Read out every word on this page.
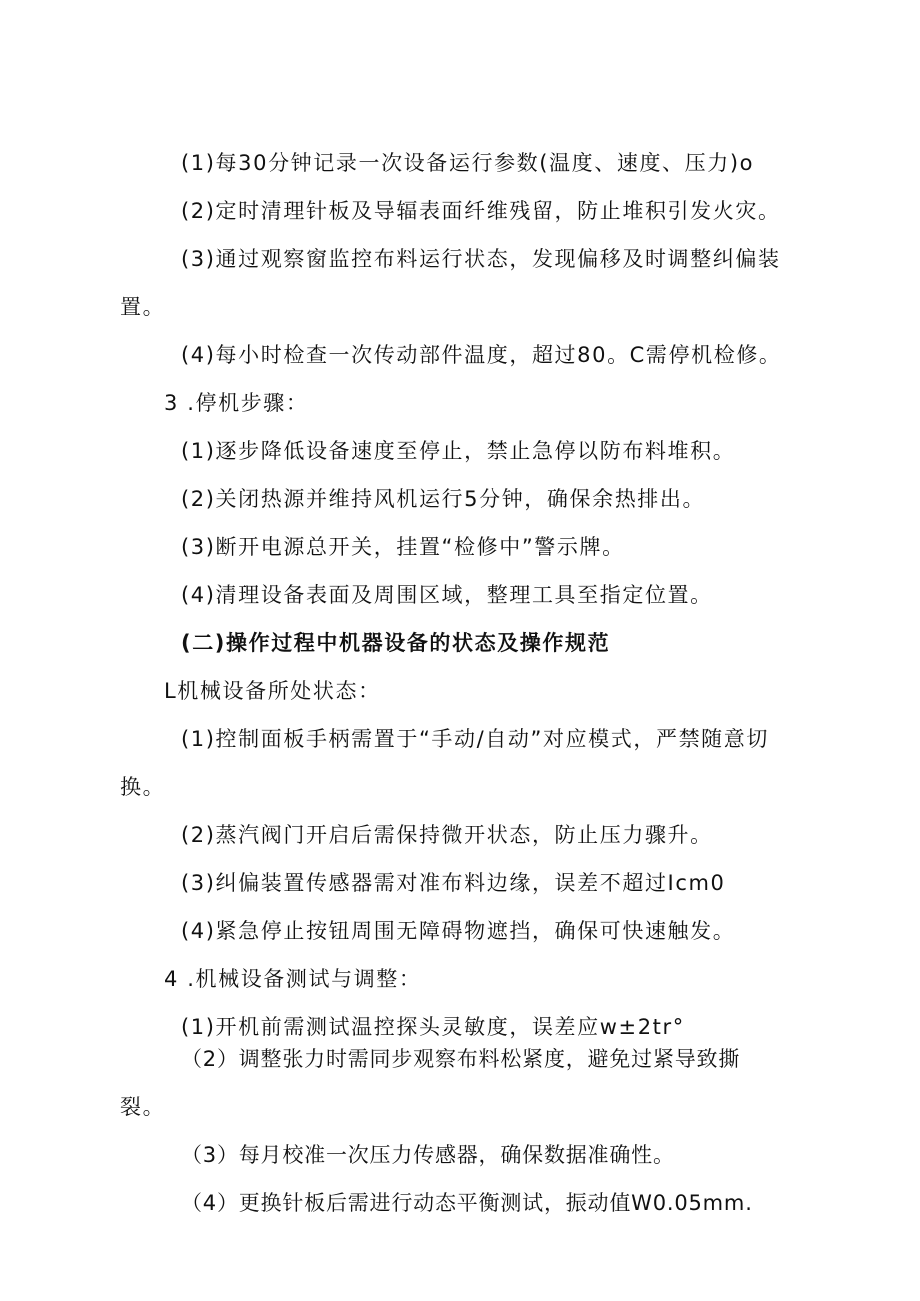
(1)每30分钟记录一次设备运行参数(温度、速度、压力)o
(2)定时清理针板及导辐表面纤维残留，防止堆积引发火灾。
(3)通过观察窗监控布料运行状态，发现偏移及时调整纠偏装
置。
(4)每小时检查一次传动部件温度，超过80。C需停机检修。
3 .停机步骤：
(1)逐步降低设备速度至停止，禁止急停以防布料堆积。
(2)关闭热源并维持风机运行5分钟，确保余热排出。
(3)断开电源总开关，挂置“检修中”警示牌。
(4)清理设备表面及周围区域，整理工具至指定位置。
(二)操作过程中机器设备的状态及操作规范
L机械设备所处状态：
(1)控制面板手柄需置于“手动/自动”对应模式，严禁随意切
换。
(2)蒸汽阀门开启后需保持微开状态，防止压力骤升。
(3)纠偏装置传感器需对准布料边缘，误差不超过Icm0
(4)紧急停止按钮周围无障碍物遮挡，确保可快速触发。
4 .机械设备测试与调整：
(1)开机前需测试温控探头灵敏度，误差应w±2tr°
（2）调整张力时需同步观察布料松紧度，避免过紧导致撕
裂。
（3）每月校准一次压力传感器，确保数据准确性。
（4）更换针板后需进行动态平衡测试，振动值W0.05mm.
